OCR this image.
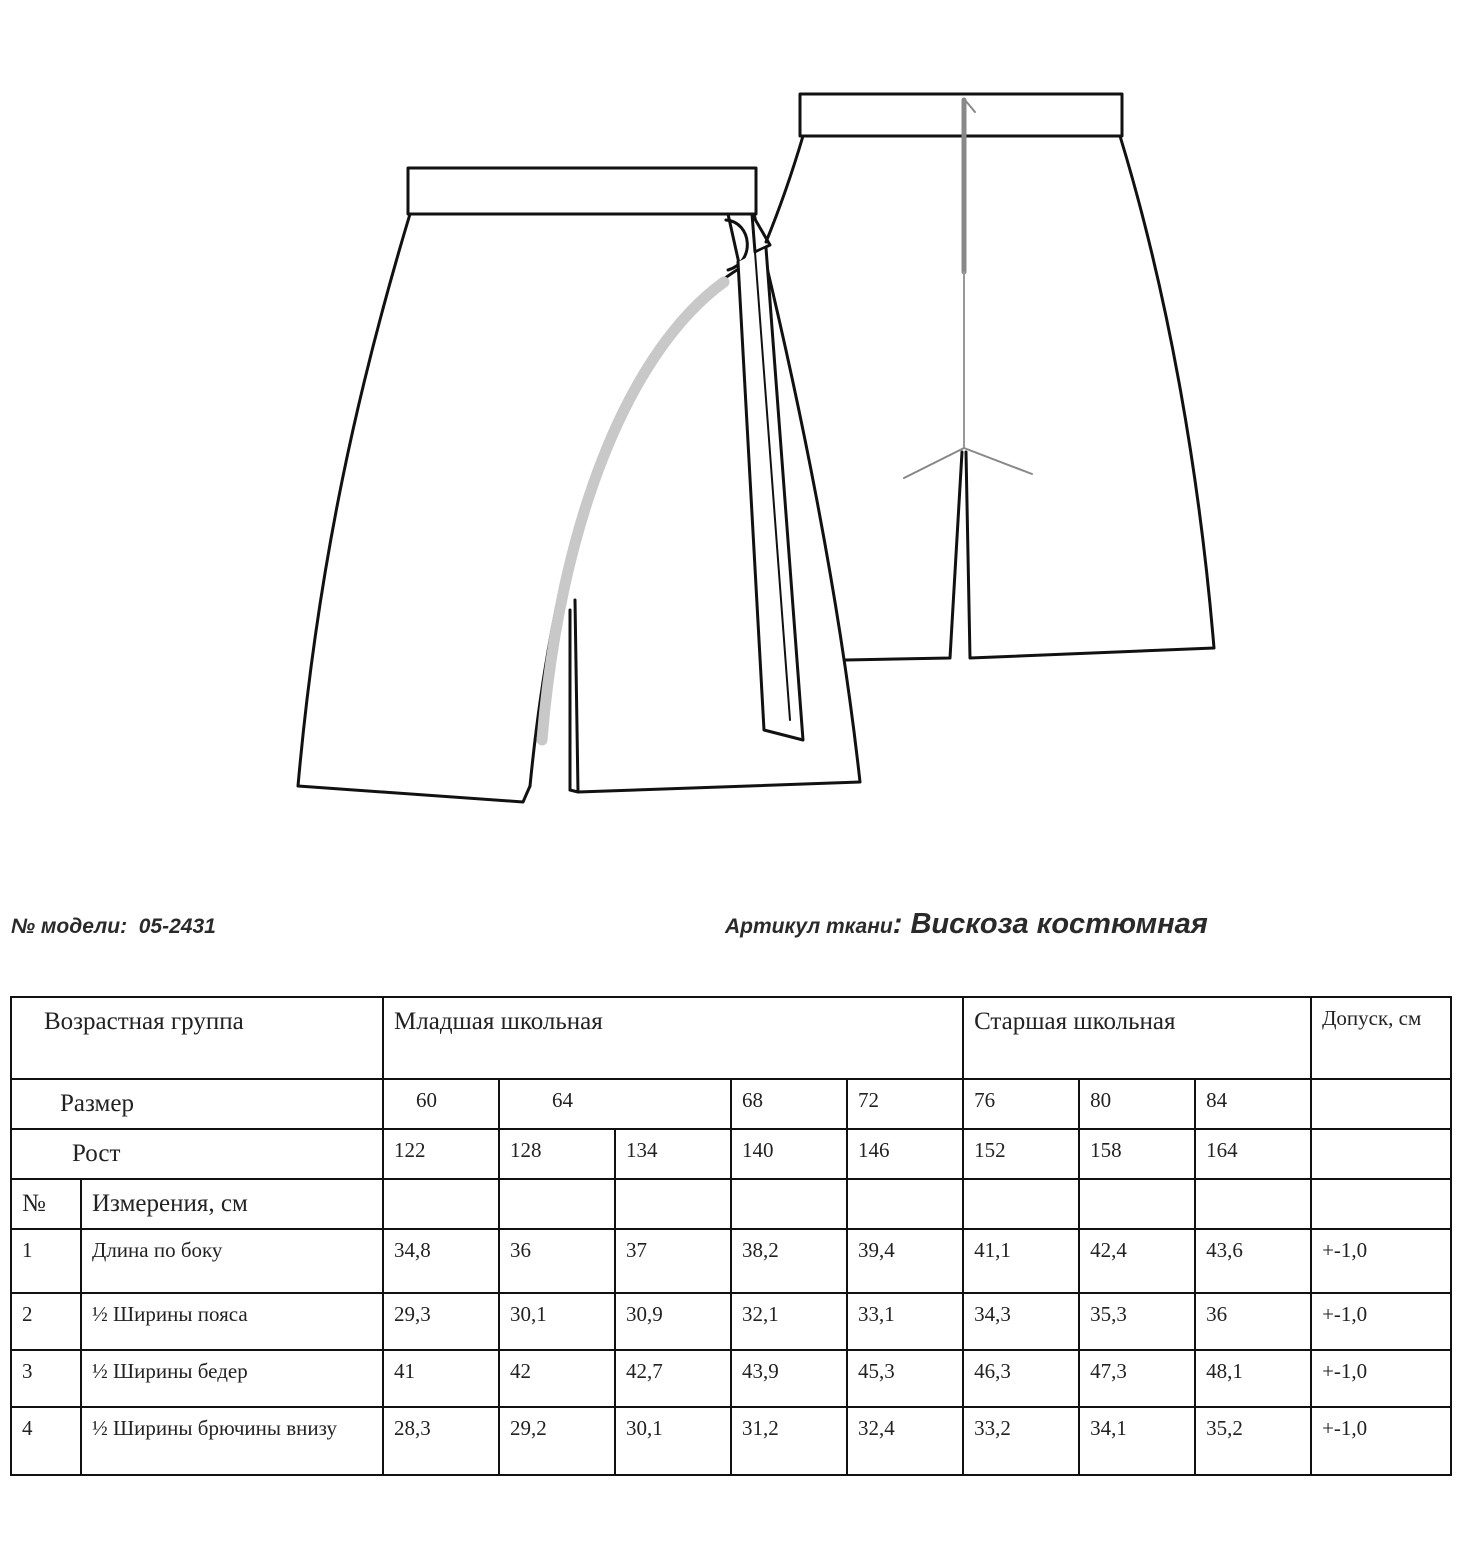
№ модели: 05-2431	Артикул ткани: Вискоза костюмная
Возрастная группа		Младшая школьная					Старшая школьная			Допуск, см
Размер		60	64		68	72	76	80	84	
Рост		122	128	134	140	146	152	158	164	
№	Измерения, см									
1	Длина по боку	34,8	36	37	38,2	39,4	41,1	42,4	43,6	+-1,0
2	½ Ширины пояса	29,3	30,1	30,9	32,1	33,1	34,3	35,3	36	+-1,0
3	½ Ширины бедер	41	42	42,7	43,9	45,3	46,3	47,3	48,1	+-1,0
4	½ Ширины брючины внизу	28,3	29,2	30,1	31,2	32,4	33,2	34,1	35,2	+-1,0
